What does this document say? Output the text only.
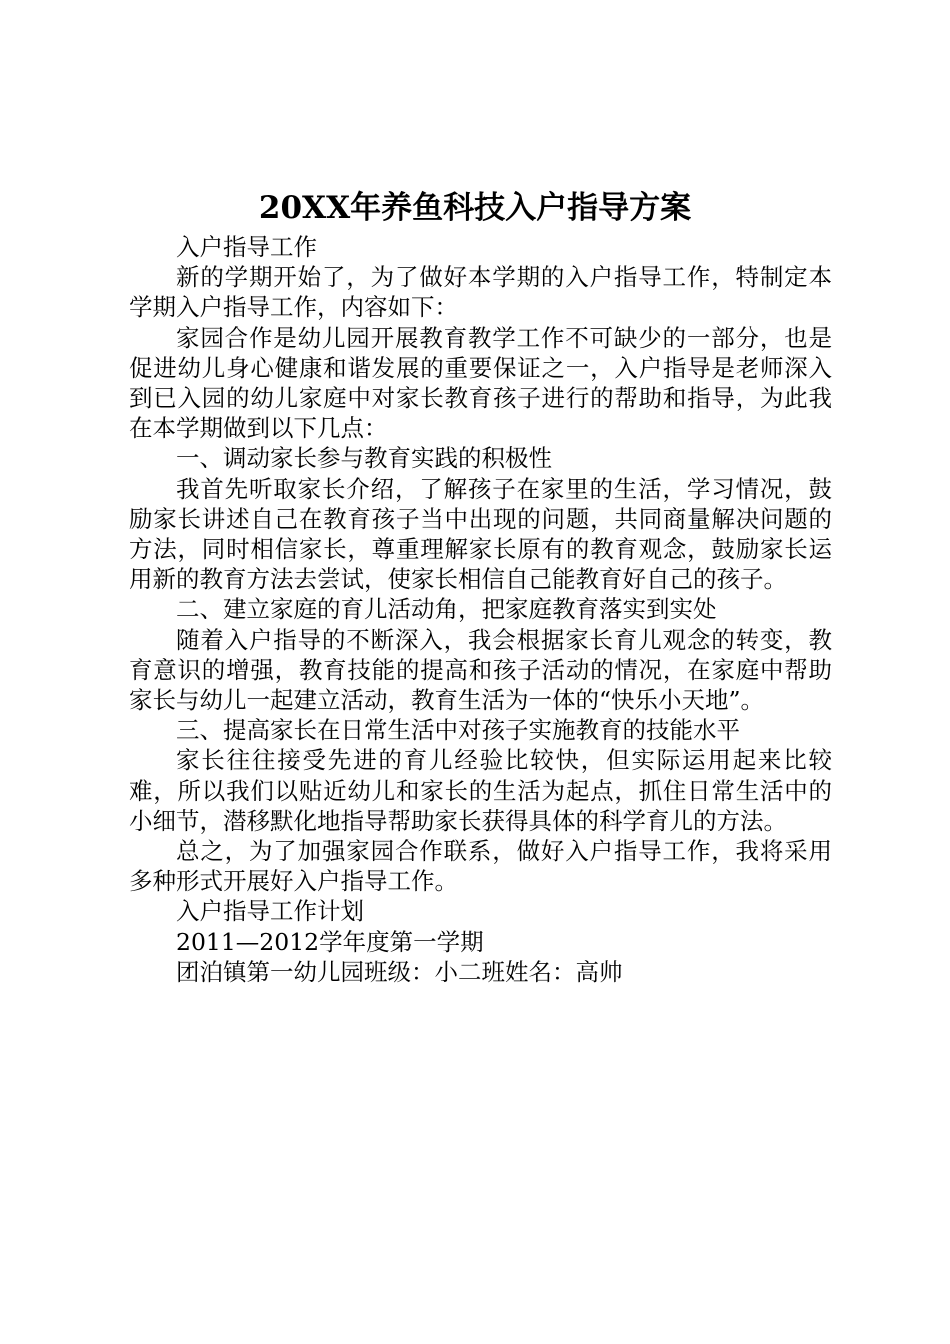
20XX年养鱼科技入户指导方案

入户指导工作

新的学期开始了，为了做好本学期的入户指导工作，特制定本学期入户指导工作，内容如下：

家园合作是幼儿园开展教育教学工作不可缺少的一部分，也是促进幼儿身心健康和谐发展的重要保证之一，入户指导是老师深入到已入园的幼儿家庭中对家长教育孩子进行的帮助和指导，为此我在本学期做到以下几点：

一、调动家长参与教育实践的积极性

我首先听取家长介绍，了解孩子在家里的生活，学习情况，鼓励家长讲述自己在教育孩子当中出现的问题，共同商量解决问题的方法，同时相信家长，尊重理解家长原有的教育观念，鼓励家长运用新的教育方法去尝试，使家长相信自己能教育好自己的孩子。

二、建立家庭的育儿活动角，把家庭教育落实到实处

随着入户指导的不断深入，我会根据家长育儿观念的转变，教育意识的增强，教育技能的提高和孩子活动的情况，在家庭中帮助家长与幼儿一起建立活动，教育生活为一体的“快乐小天地”。

三、提高家长在日常生活中对孩子实施教育的技能水平

家长往往接受先进的育儿经验比较快，但实际运用起来比较难，所以我们以贴近幼儿和家长的生活为起点，抓住日常生活中的小细节，潜移默化地指导帮助家长获得具体的科学育儿的方法。

总之，为了加强家园合作联系，做好入户指导工作，我将采用多种形式开展好入户指导工作。

入户指导工作计划

2011—2012学年度第一学期

团泊镇第一幼儿园班级：小二班姓名：高帅
